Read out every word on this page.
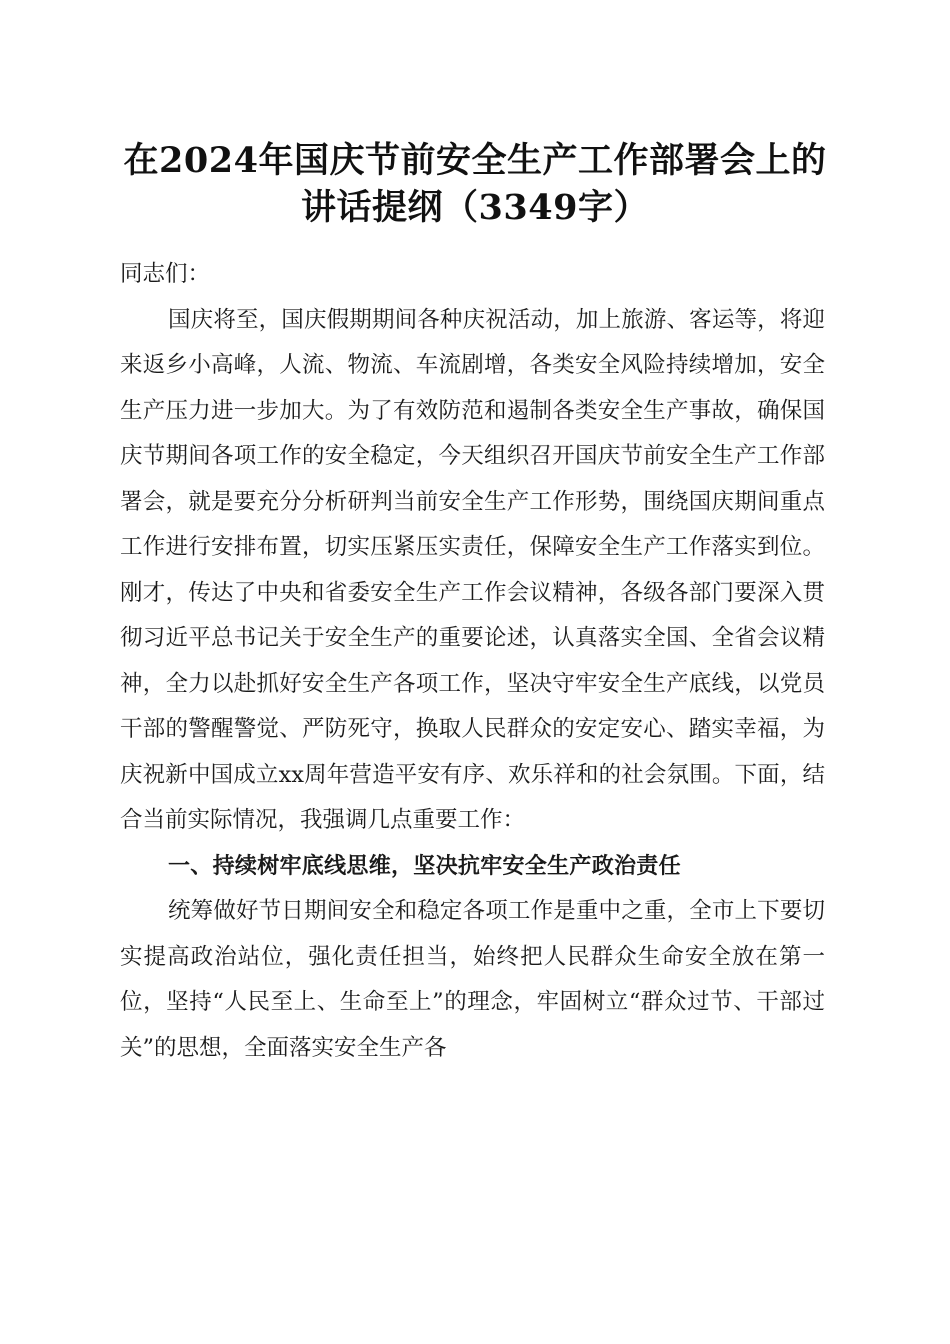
在2024年国庆节前安全生产工作部署会上的
讲话提纲（3349字）

同志们：

国庆将至，国庆假期期间各种庆祝活动，加上旅游、客运等，将迎来返乡小高峰，人流、物流、车流剧增，各类安全风险持续增加，安全生产压力进一步加大。为了有效防范和遏制各类安全生产事故，确保国庆节期间各项工作的安全稳定，今天组织召开国庆节前安全生产工作部署会，就是要充分分析研判当前安全生产工作形势，围绕国庆期间重点工作进行安排布置，切实压紧压实责任，保障安全生产工作落实到位。刚才，传达了中央和省委安全生产工作会议精神，各级各部门要深入贯彻习近平总书记关于安全生产的重要论述，认真落实全国、全省会议精神，全力以赴抓好安全生产各项工作，坚决守牢安全生产底线，以党员干部的警醒警觉、严防死守，换取人民群众的安定安心、踏实幸福，为庆祝新中国成立xx周年营造平安有序、欢乐祥和的社会氛围。下面，结合当前实际情况，我强调几点重要工作：

一、持续树牢底线思维，坚决抗牢安全生产政治责任

统筹做好节日期间安全和稳定各项工作是重中之重，全市上下要切实提高政治站位，强化责任担当，始终把人民群众生命安全放在第一位，坚持“人民至上、生命至上”的理念，牢固树立“群众过节、干部过关”的思想，全面落实安全生产各
